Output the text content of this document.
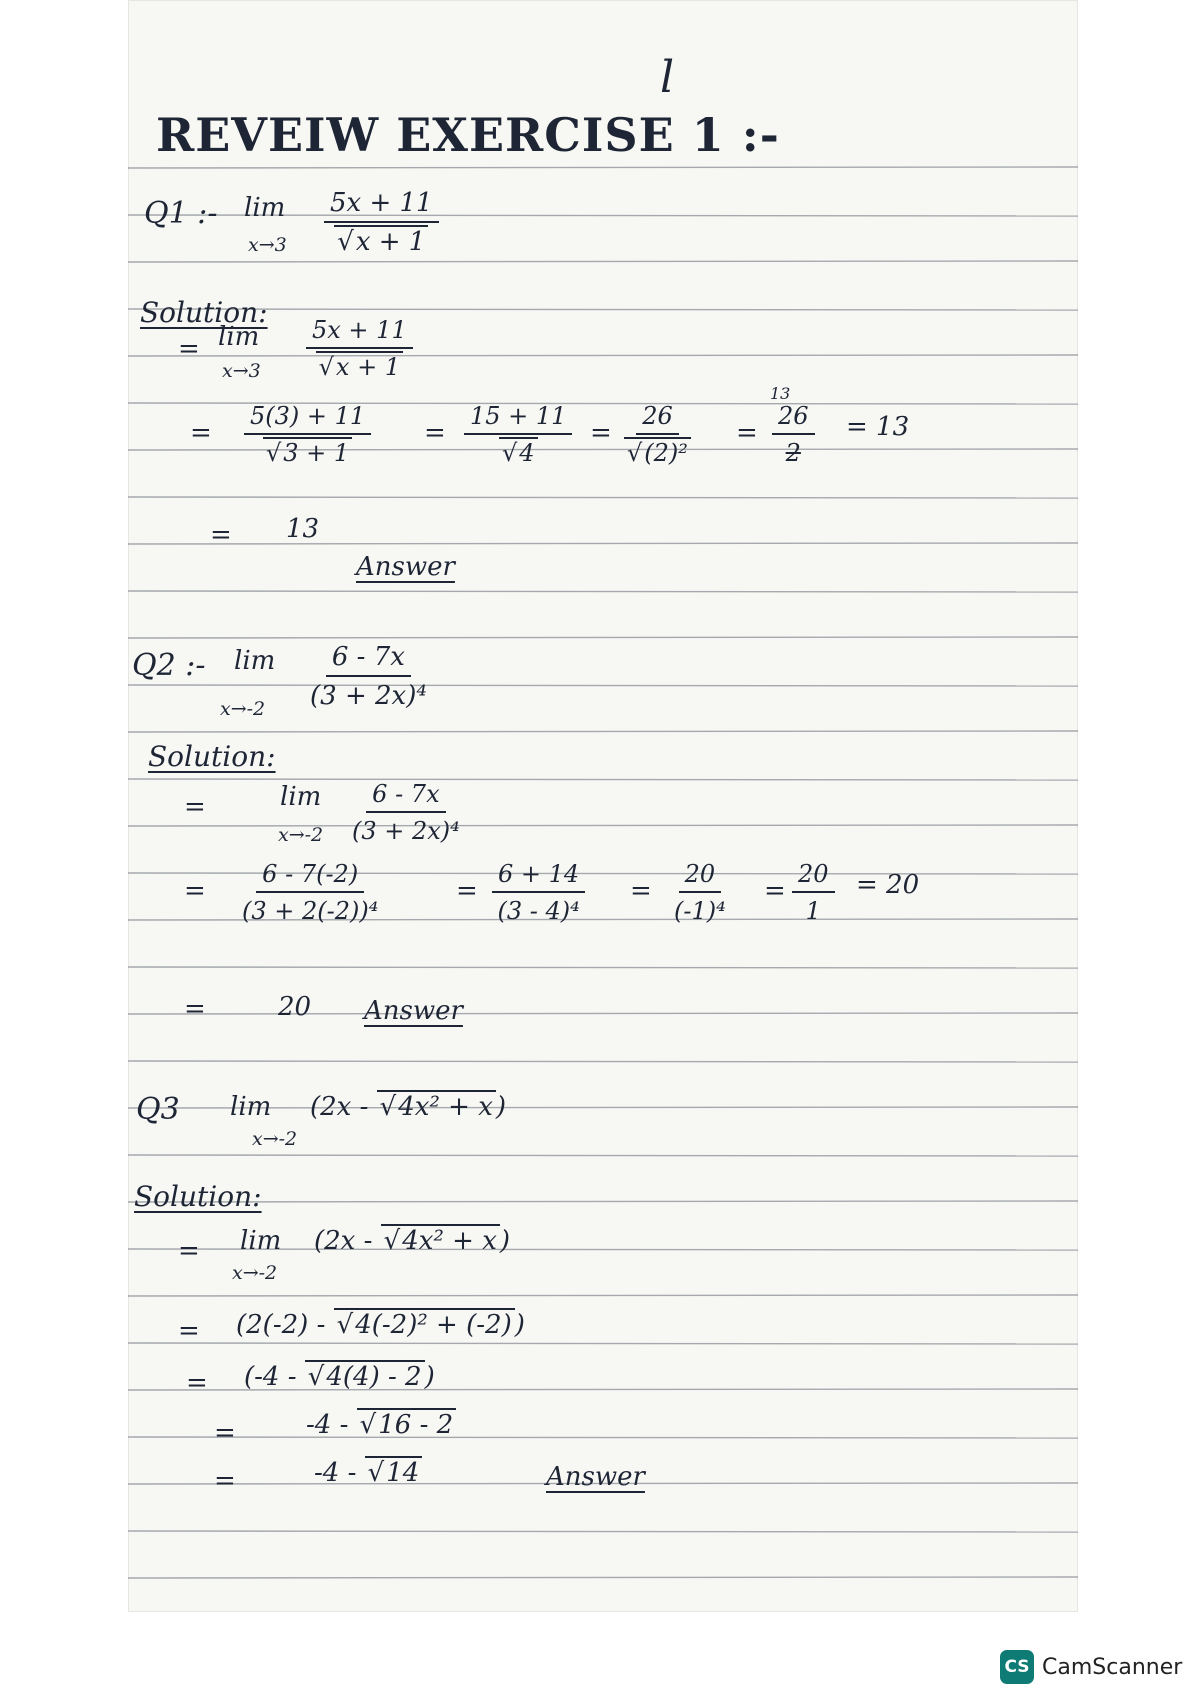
l
REVEIW EXERCISE 1 :-
Q1 :- lim
x→3 5x + 11
√ x + 1
Solution:
= lim
x→3 5x + 11
√ x + 1
= 5(3) + 11
√ 3 + 1 = 15 + 11
√ 4 = 26
√ (2)² =
13
$\frac{26}{2} = 13$
= 13
Answer
Q2 :- lim
$x\to-2 \frac{6 - 7x}{\text{(3 + 2x)⁴}}$
Solution:
=	lim
$x\to-2 \frac{6 - 7x}{\text{(3 + 2x)⁴}}$
= $\frac{6 - 7(-2)}{\text{(3 + 2(-2))⁴}}$	= $\frac{6 + 14}{\text{(3 - 4)⁴}} = \frac{20}{\text{(-1)⁴}} = \frac{20}{1} = 20$
=	20 Answer
Q3 lim
x→-2
(2x - √ 4x² + x )
Solution:
= lim
x→-2
(2x - √ 4x² + x )
= (2(-2) - √ 4(-2)² + (-2) )
= (-4 - √ 4(4) - 2 )
=	-4 - √ 16 - 2
=	-4 - √ 14	Answer
CS CamScanner
